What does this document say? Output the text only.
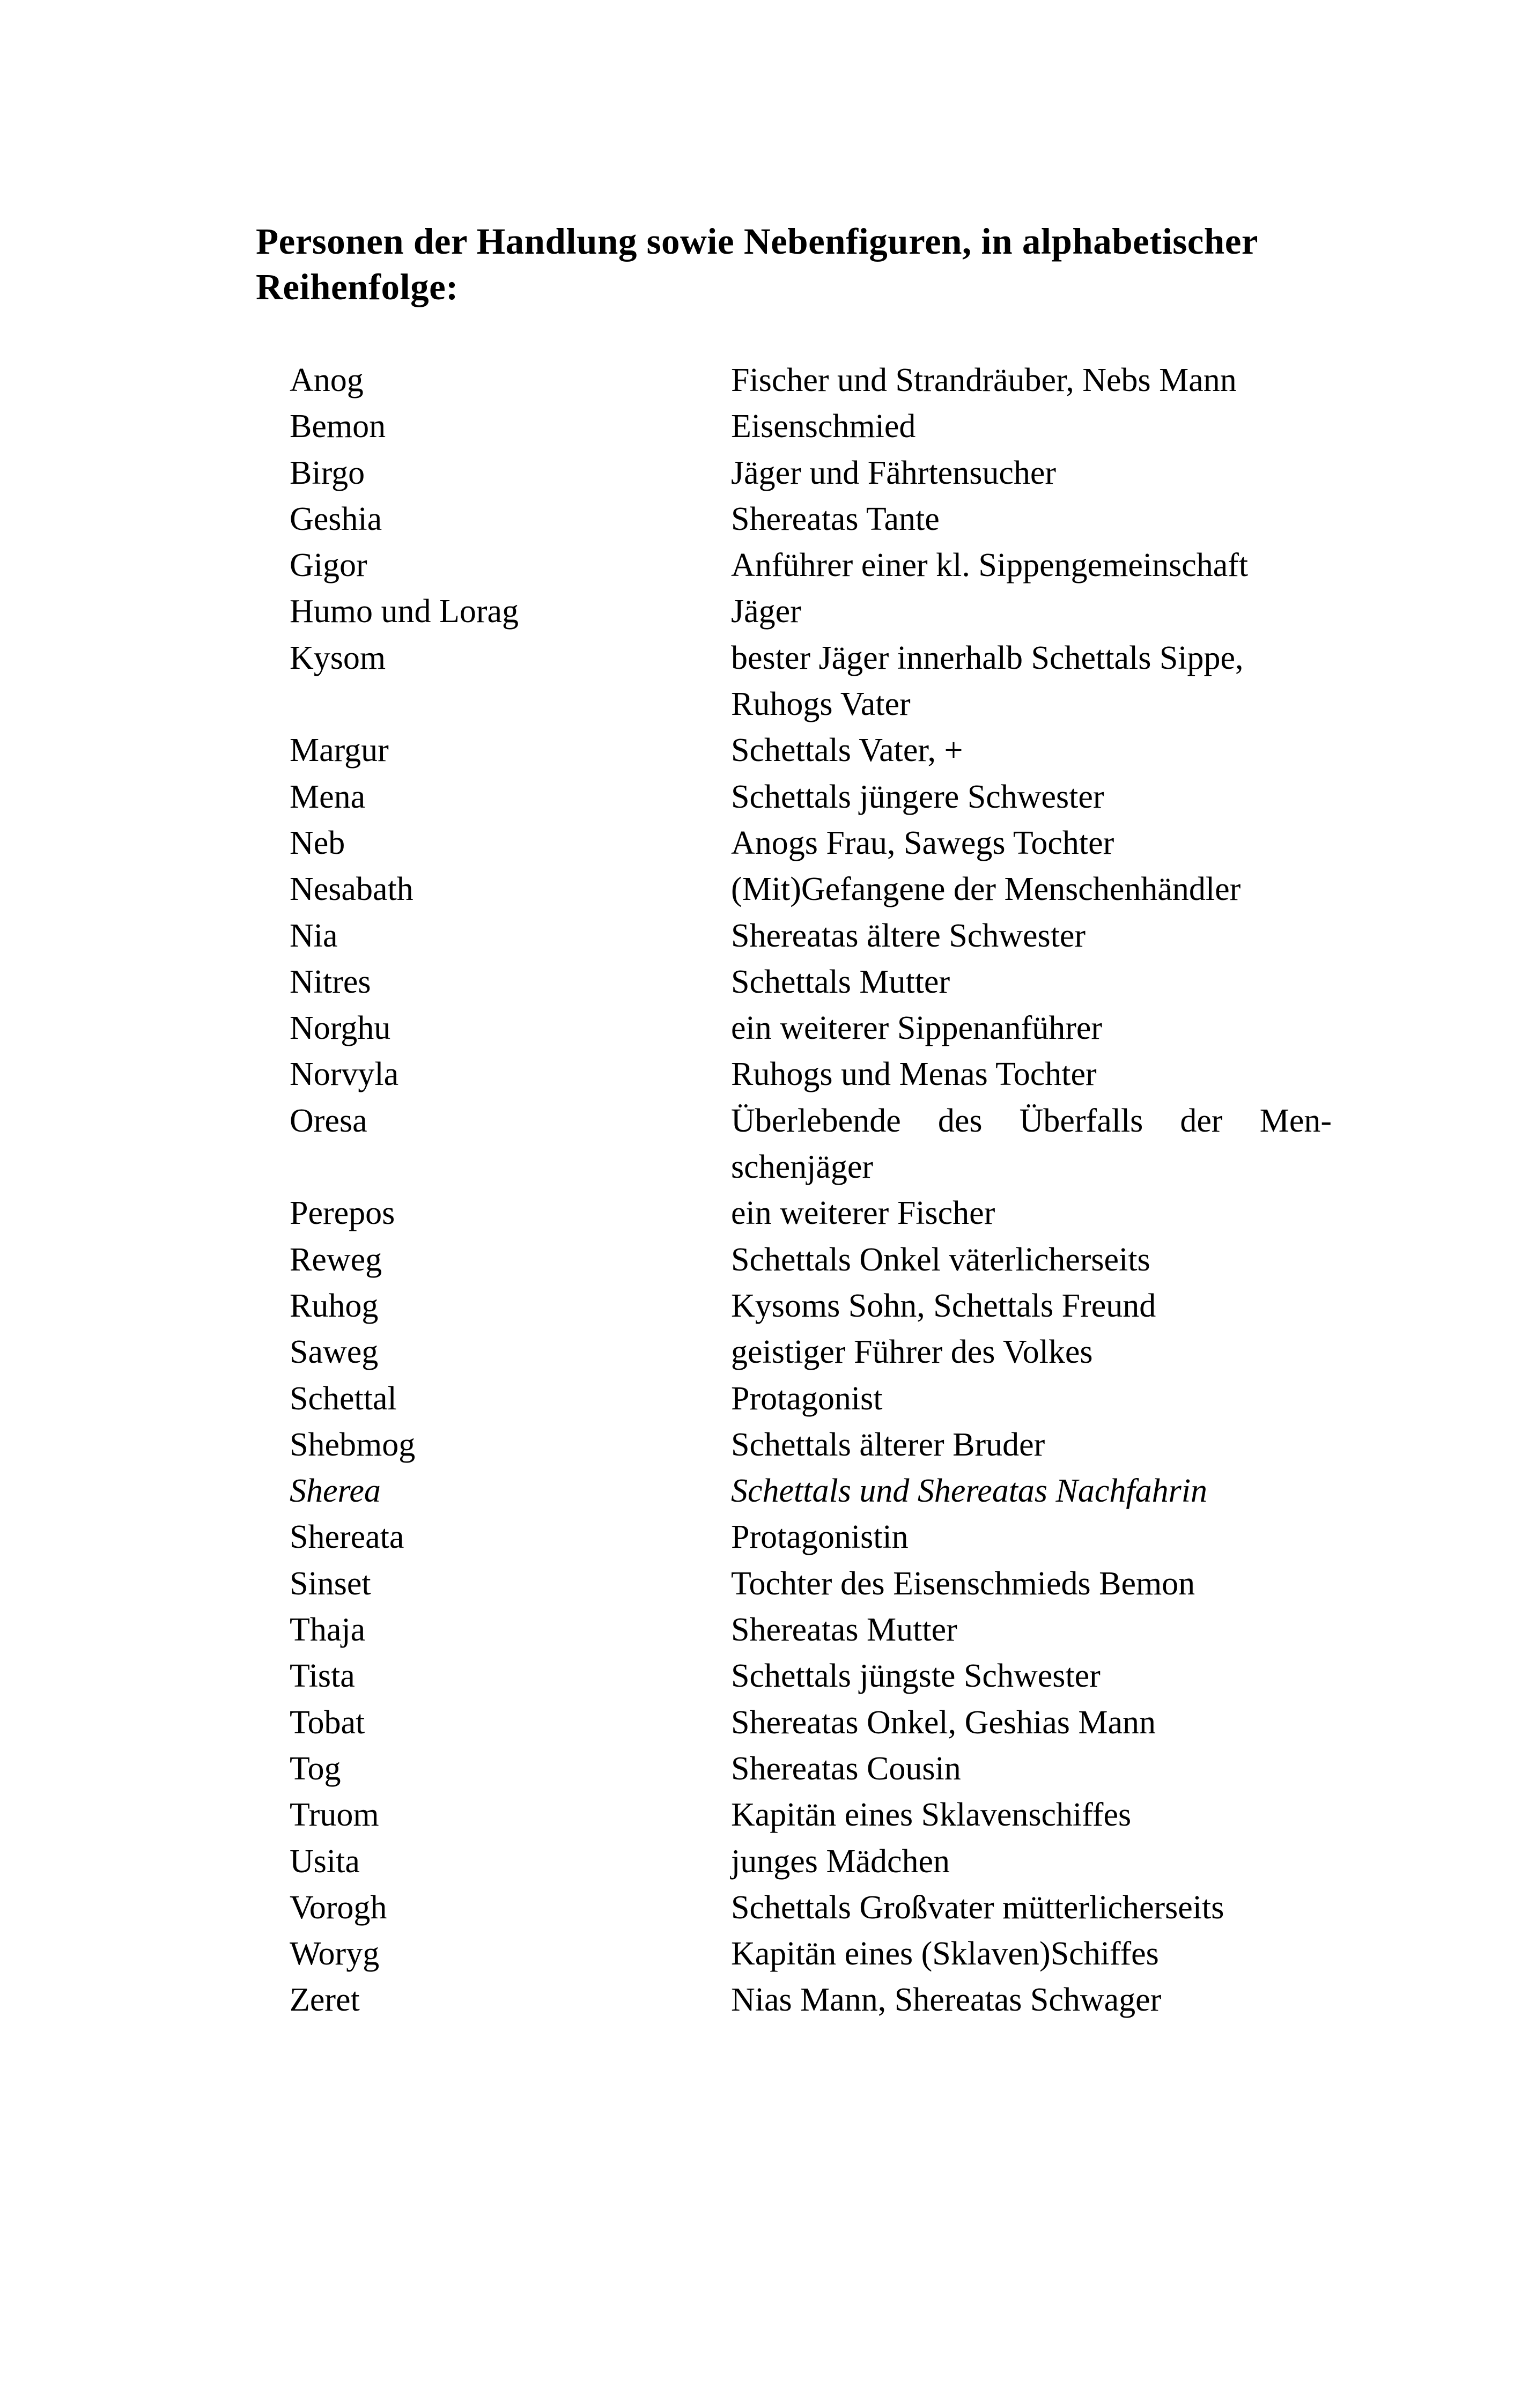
Personen der Handlung sowie Nebenfiguren, in alphabetischer
Reihenfolge:
Anog	Fischer und Strandräuber, Nebs Mann
Bemon	Eisenschmied
Birgo	Jäger und Fährtensucher
Geshia	Shereatas Tante
Gigor	Anführer einer kl. Sippengemeinschaft
Humo und Lorag	Jäger
Kysom	bester Jäger innerhalb Schettals Sippe,
Ruhogs Vater
Margur	Schettals Vater, +
Mena	Schettals jüngere Schwester
Neb	Anogs Frau, Sawegs Tochter
Nesabath	(Mit)Gefangene der Menschenhändler
Nia	Shereatas ältere Schwester
Nitres	Schettals Mutter
Norghu	ein weiterer Sippenanführer
Norvyla	Ruhogs und Menas Tochter
Oresa	Überlebende des Überfalls der Men-
schenjäger
Perepos	ein weiterer Fischer
Reweg	Schettals Onkel väterlicherseits
Ruhog	Kysoms Sohn, Schettals Freund
Saweg	geistiger Führer des Volkes
Schettal	Protagonist
Shebmog	Schettals älterer Bruder
Sherea	Schettals und Shereatas Nachfahrin
Shereata	Protagonistin
Sinset	Tochter des Eisenschmieds Bemon
Thaja	Shereatas Mutter
Tista	Schettals jüngste Schwester
Tobat	Shereatas Onkel, Geshias Mann
Tog	Shereatas Cousin
Truom	Kapitän eines Sklavenschiffes
Usita	junges Mädchen
Vorogh	Schettals Großvater mütterlicherseits
Woryg	Kapitän eines (Sklaven)Schiffes
Zeret	Nias Mann, Shereatas Schwager
